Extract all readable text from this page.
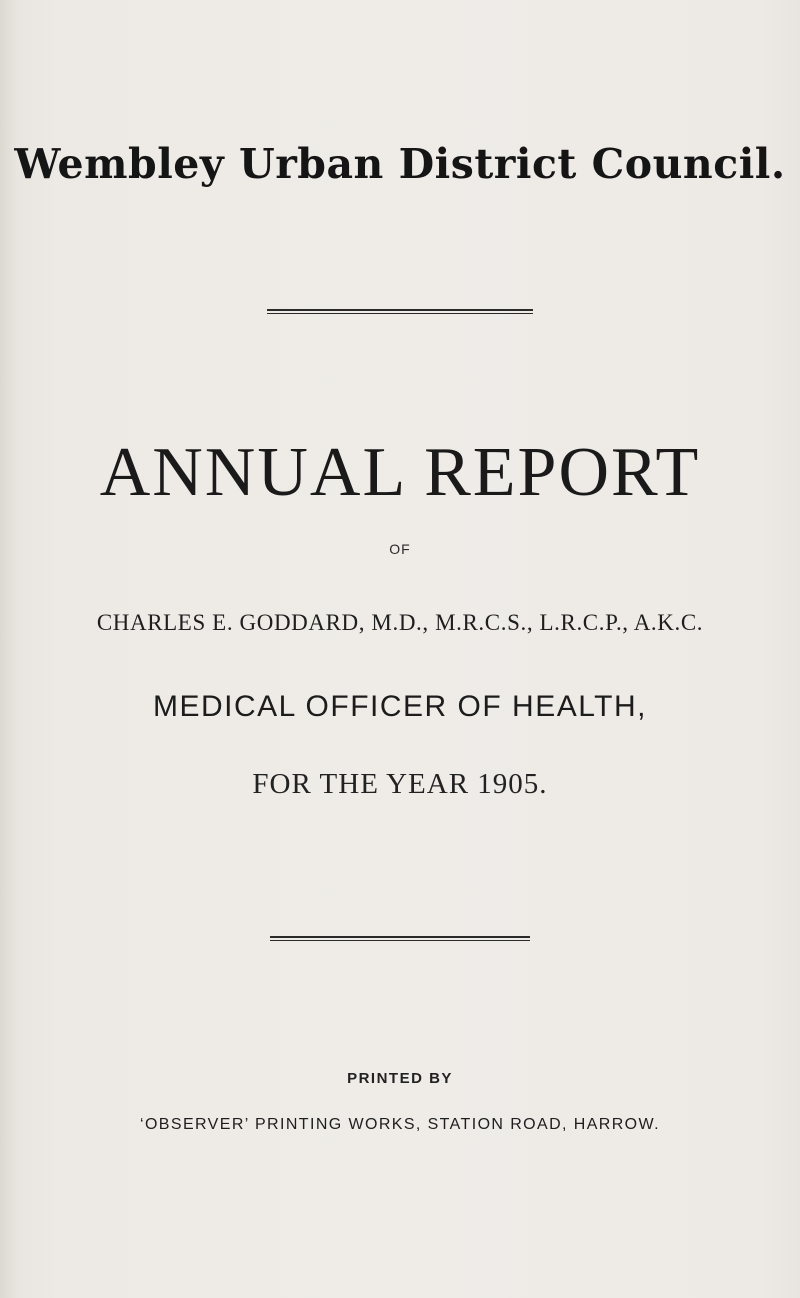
Wembley Urban District Council.
ANNUAL REPORT
OF
CHARLES E. GODDARD, M.D., M.R.C.S., L.R.C.P., A.K.C.
MEDICAL OFFICER OF HEALTH,
FOR THE YEAR 1905.
PRINTED BY
‘OBSERVER’ PRINTING WORKS, STATION ROAD, HARROW.
